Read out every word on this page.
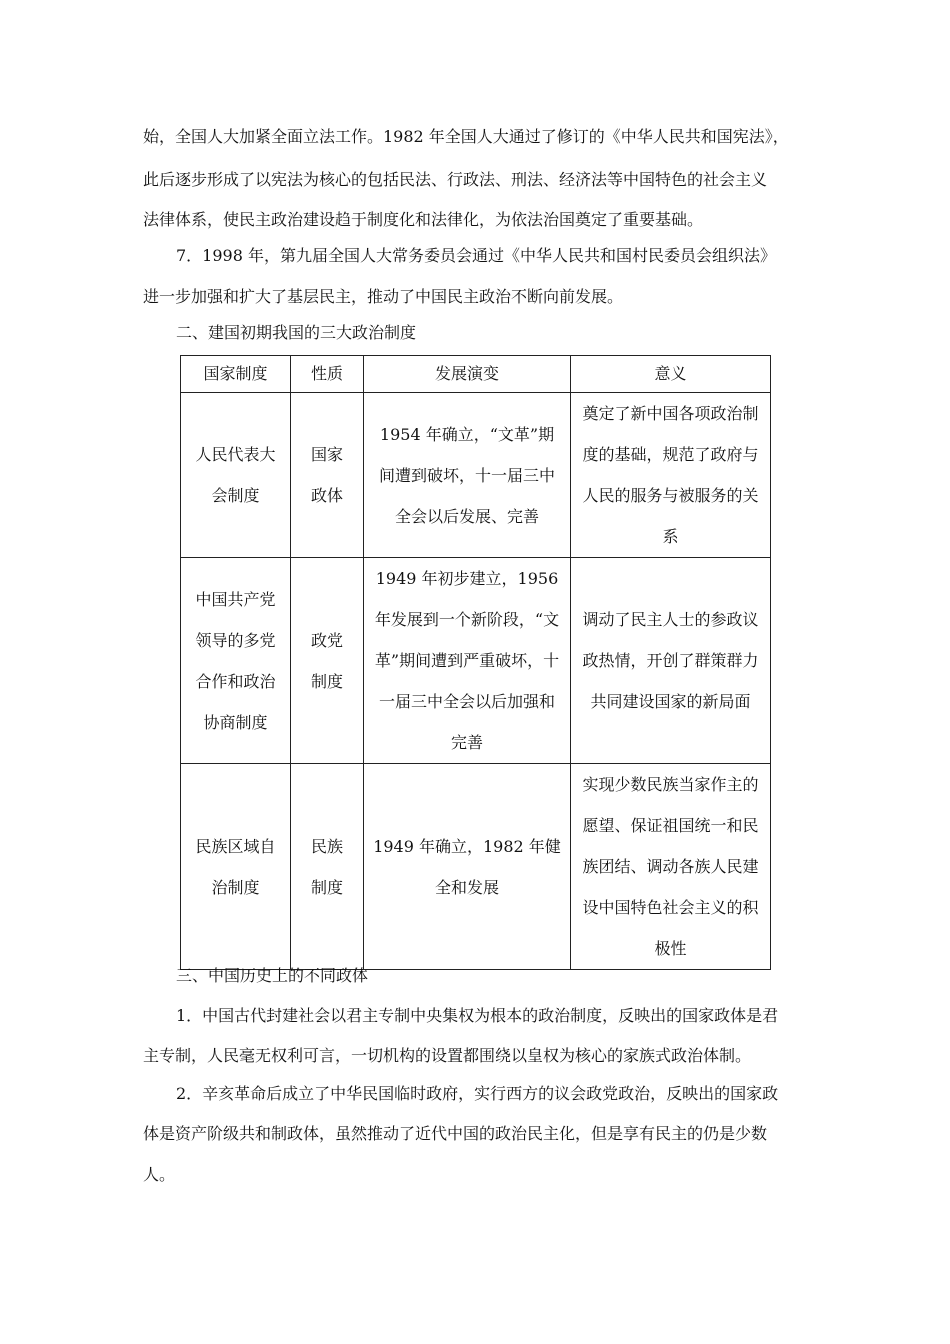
始，全国人大加紧全面立法工作。1982 年全国人大通过了修订的《中华人民共和国宪法》，

此后逐步形成了以宪法为核心的包括民法、行政法、刑法、经济法等中国特色的社会主义

法律体系，使民主政治建设趋于制度化和法律化，为依法治国奠定了重要基础。

7．1998 年，第九届全国人大常务委员会通过《中华人民共和国村民委员会组织法》

进一步加强和扩大了基层民主，推动了中国民主政治不断向前发展。

二、建国初期我国的三大政治制度

国家制度	性质	发展演变	意义
人民代表大会制度	国家政体	1954 年确立，“文革”期间遭到破坏，十一届三中全会以后发展、完善	奠定了新中国各项政治制度的基础，规范了政府与人民的服务与被服务的关系
中国共产党领导的多党合作和政治协商制度	政党制度	1949 年初步建立，1956 年发展到一个新阶段，“文革”期间遭到严重破坏，十一届三中全会以后加强和完善	调动了民主人士的参政议政热情，开创了群策群力共同建设国家的新局面
民族区域自治制度	民族制度	1949 年确立，1982 年健全和发展	实现少数民族当家作主的愿望、保证祖国统一和民族团结、调动各族人民建设中国特色社会主义的积极性

三、中国历史上的不同政体

1．中国古代封建社会以君主专制中央集权为根本的政治制度，反映出的国家政体是君

主专制，人民毫无权利可言，一切机构的设置都围绕以皇权为核心的家族式政治体制。

2．辛亥革命后成立了中华民国临时政府，实行西方的议会政党政治，反映出的国家政

体是资产阶级共和制政体，虽然推动了近代中国的政治民主化，但是享有民主的仍是少数

人。
